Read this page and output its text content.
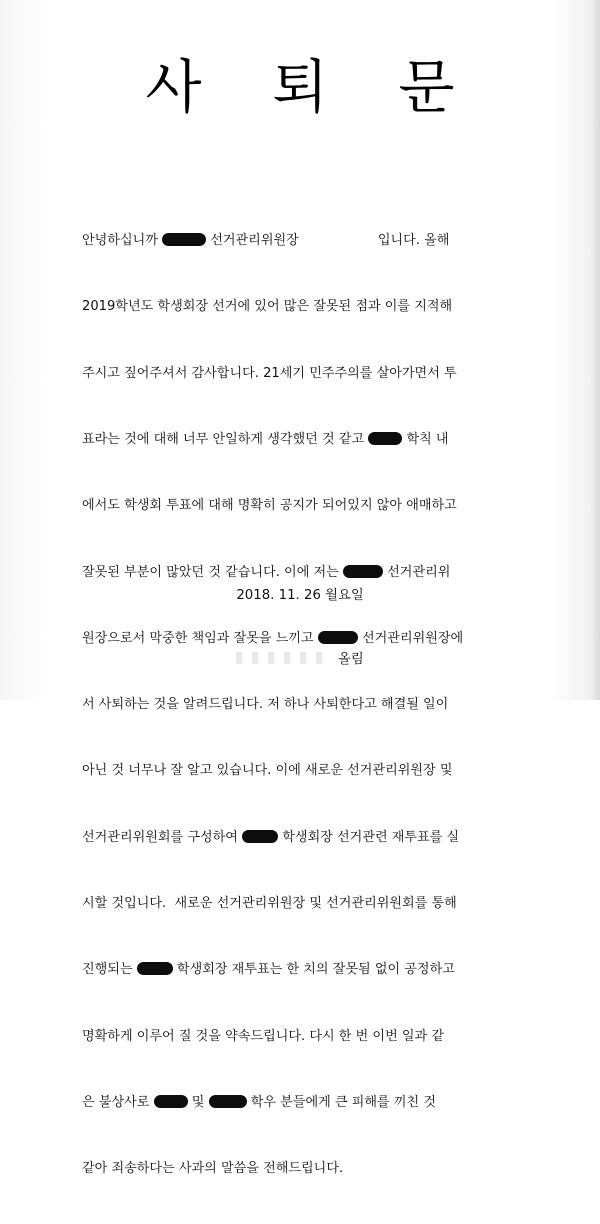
사 퇴 문

안녕하십니까	선거관리위원장                   입니다. 올해

2019학년도 학생회장 선거에 있어 많은 잘못된 점과 이를 지적해

주시고 짚어주셔서 감사합니다. 21세기 민주주의를 살아가면서 투

표라는 것에 대해 너무 안일하게 생각했던 것 같고	학칙 내

에서도 학생회 투표에 대해 명확히 공지가 되어있지 않아 애매하고

잘못된 부분이 많았던 것 같습니다. 이에 저는	선거관리위

원장으로서 막중한 책임과 잘못을 느끼고	선거관리위원장에

서 사퇴하는 것을 알려드립니다. 저 하나 사퇴한다고 해결될 일이

아닌 것 너무나 잘 알고 있습니다. 이에 새로운 선거관리위원장 및

선거관리위원회를 구성하여	학생회장 선거관련 재투표를 실

시할 것입니다.  새로운 선거관리위원장 및 선거관리위원회를 통해

진행되는	학생회장 재투표는 한 치의 잘못됨 없이 공정하고

명확하게 이루어 질 것을 약속드립니다. 다시 한 번 이번 일과 같

은 불상사로	및	학우 분들에게 큰 피해를 끼친 것

같아 죄송하다는 사과의 말씀을 전해드립니다.

2018. 11. 26 월요일
올림
